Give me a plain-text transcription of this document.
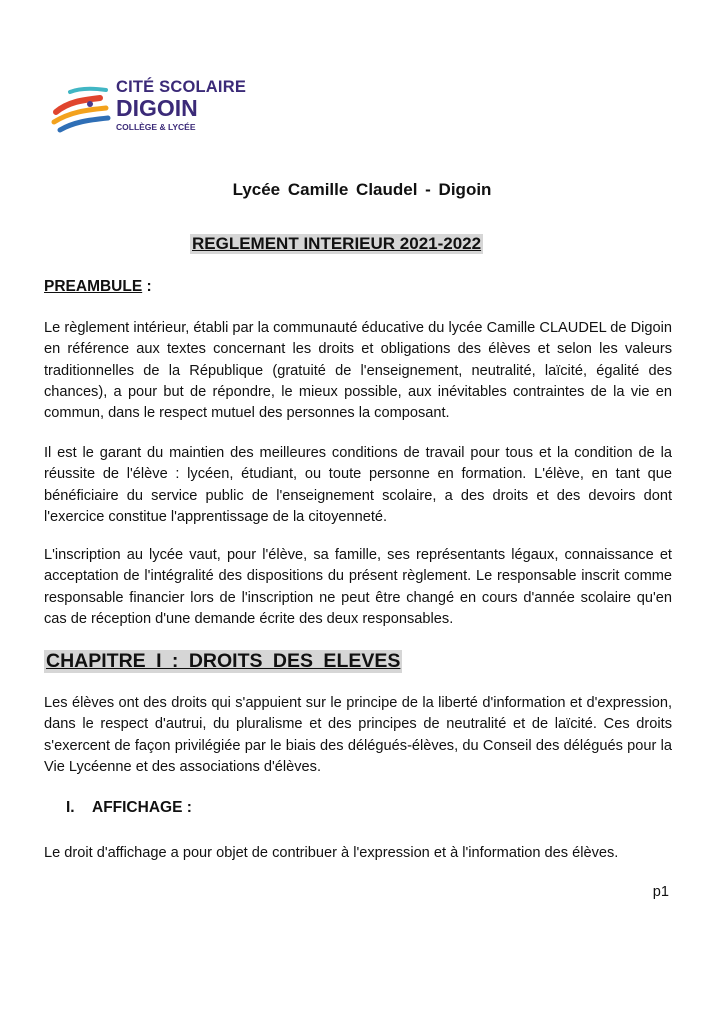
CITÉ SCOLAIRE
DIGOIN
COLLÈGE & LYCÉE
Lycée Camille Claudel - Digoin
REGLEMENT INTERIEUR 2021-2022
PREAMBULE :

Le règlement intérieur, établi par la communauté éducative du lycée Camille CLAUDEL de Digoin en référence aux textes concernant les droits et obligations des élèves et selon les valeurs traditionnelles de la République (gratuité de l'enseignement, neutralité, laïcité, égalité des chances), a pour but de répondre, le mieux possible, aux inévitables contraintes de la vie en commun, dans le respect mutuel des personnes la composant.

Il est le garant du maintien des meilleures conditions de travail pour tous et la condition de la réussite de l'élève : lycéen, étudiant, ou toute personne en formation. L'élève, en tant que bénéficiaire du service public de l'enseignement scolaire, a des droits et des devoirs dont l'exercice constitue l'apprentissage de la citoyenneté.

L'inscription au lycée vaut, pour l'élève, sa famille, ses représentants légaux, connaissance et acceptation de l'intégralité des dispositions du présent règlement. Le responsable inscrit comme responsable financier lors de l'inscription ne peut être changé en cours d'année scolaire qu'en cas de réception d'une demande écrite des deux responsables.

CHAPITRE I : DROITS DES ELEVES

Les élèves ont des droits qui s'appuient sur le principe de la liberté d'information et d'expression, dans le respect d'autrui, du pluralisme et des principes de neutralité et de laïcité. Ces droits s'exercent de façon privilégiée par le biais des délégués-élèves, du Conseil des délégués pour la Vie Lycéenne et des associations d'élèves.

I. AFFICHAGE :

Le droit d'affichage a pour objet de contribuer à l'expression et à l'information des élèves.

p1
